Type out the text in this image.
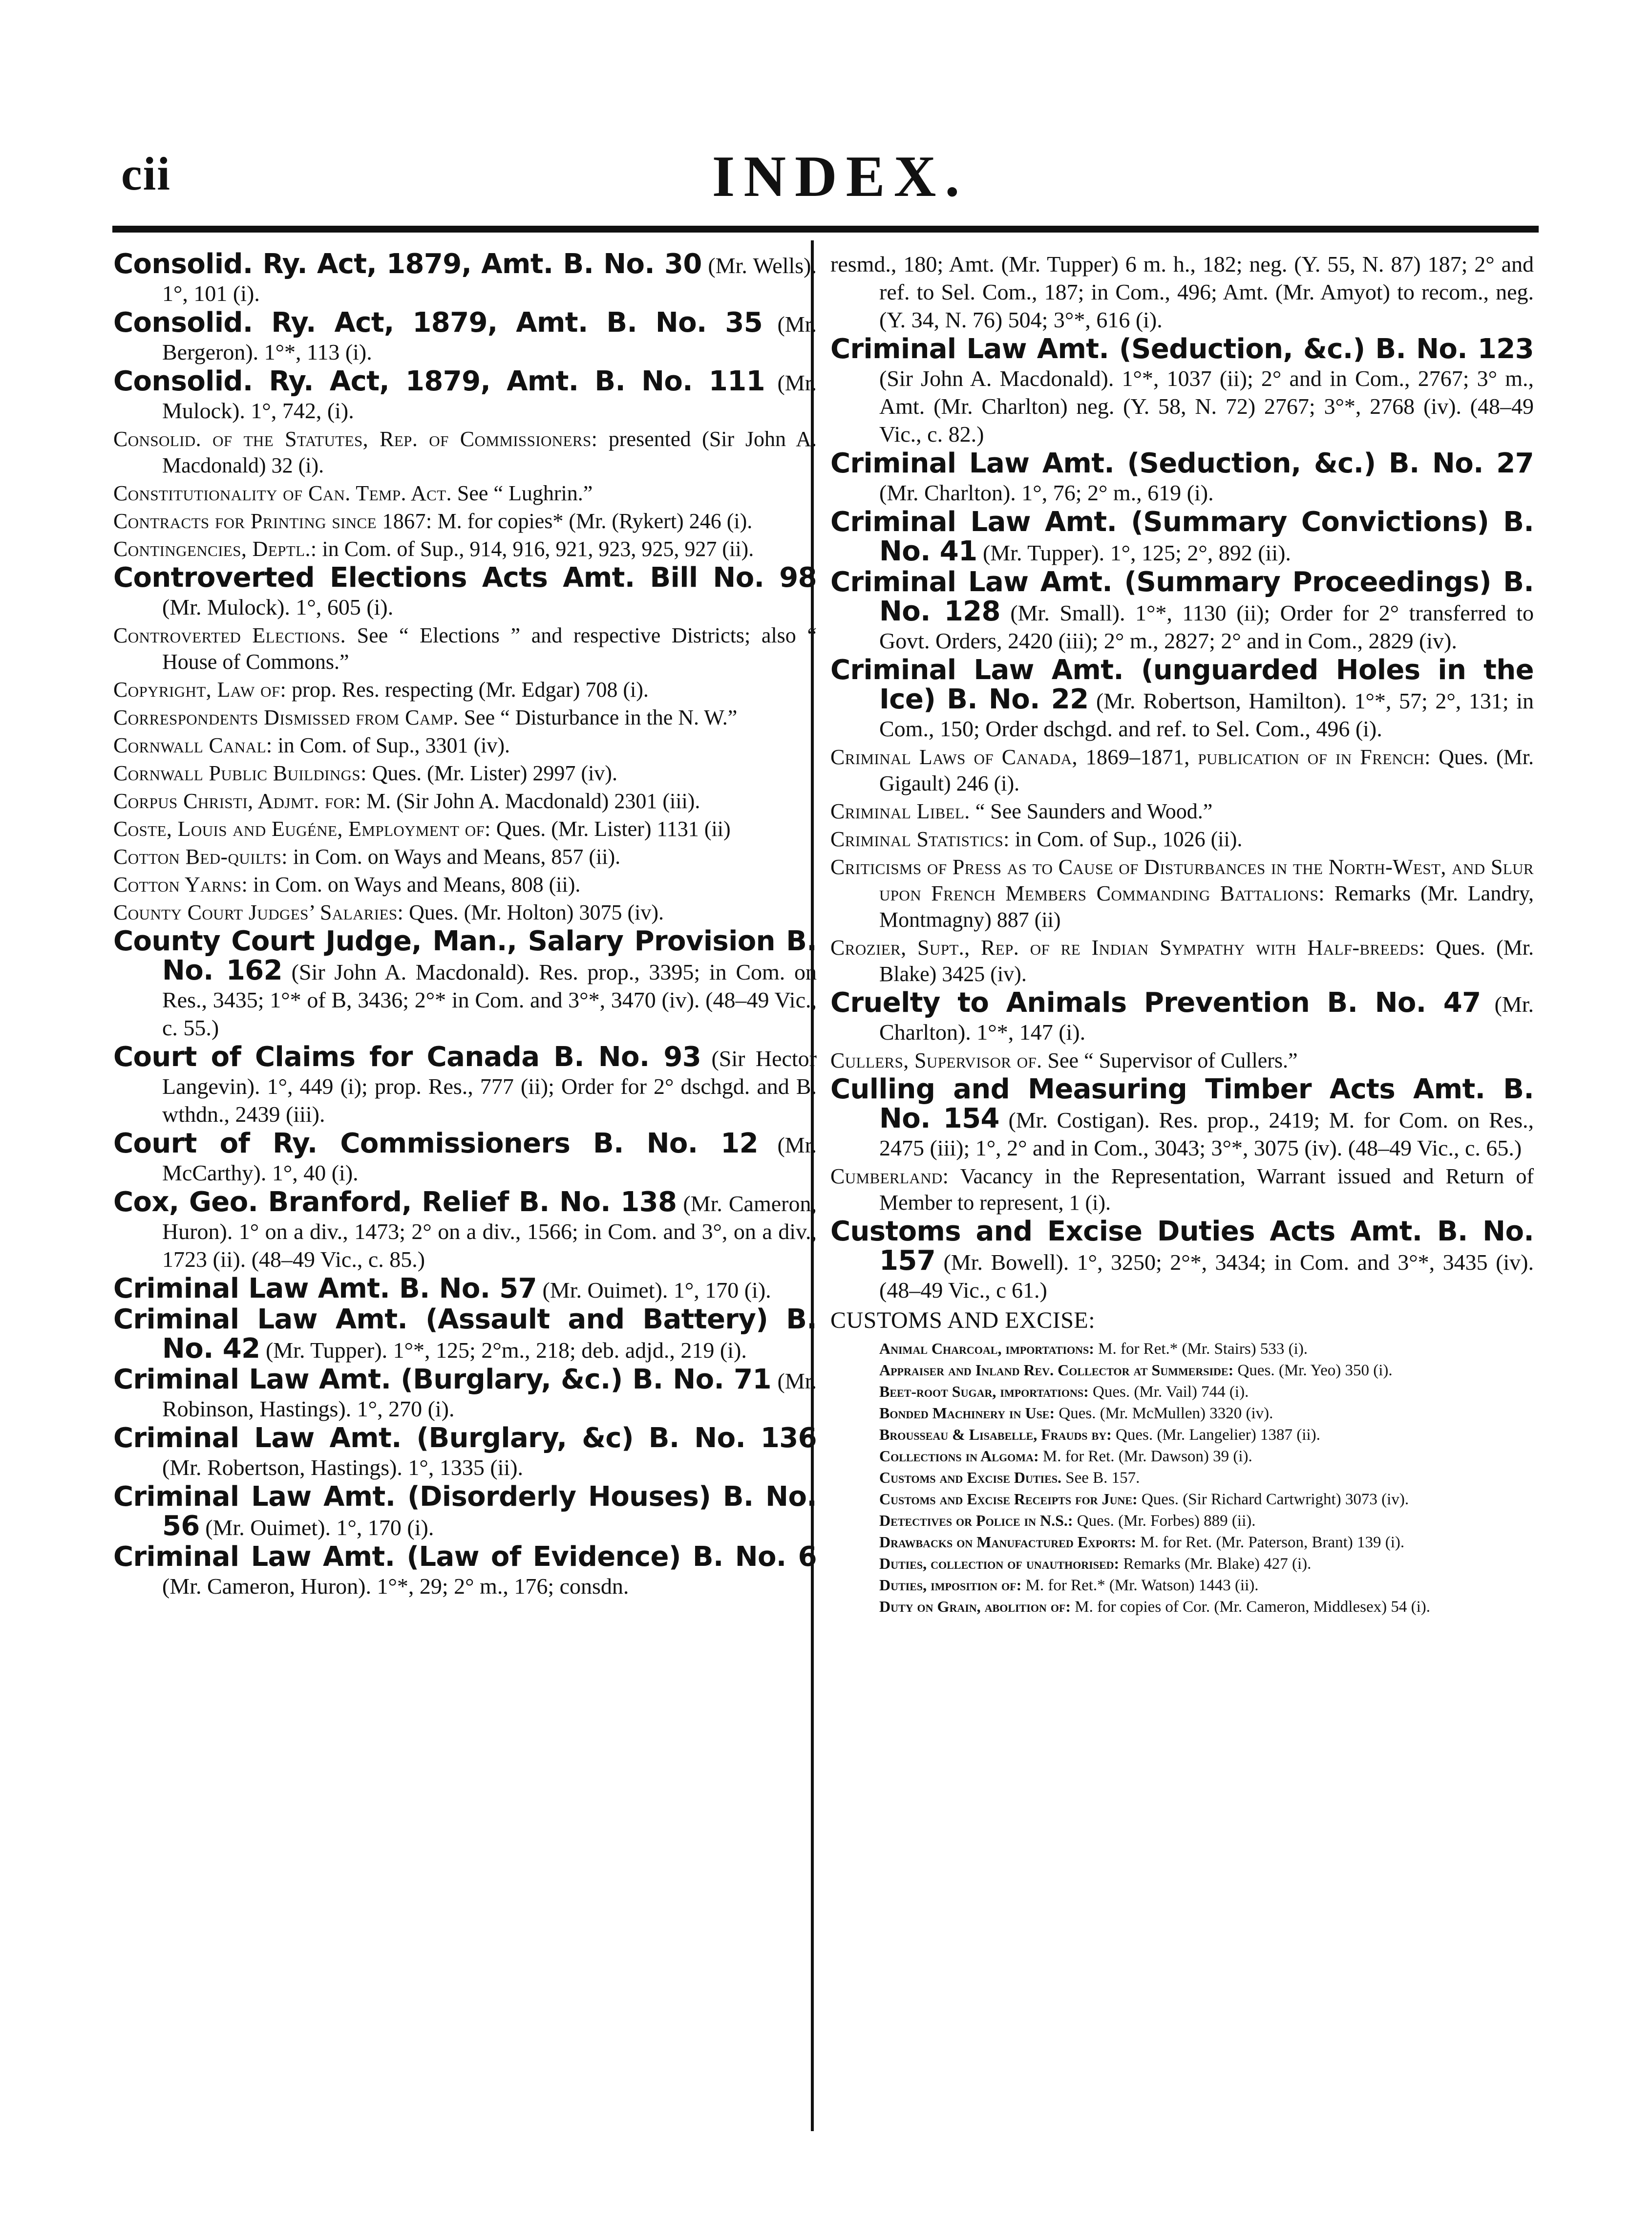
cii	INDEX.
Consolid. Ry. Act, 1879, Amt. B. No. 30 (Mr. Wells). 1°, 101 (i).
Consolid. Ry. Act, 1879, Amt. B. No. 35 (Mr. Bergeron). 1°*, 113 (i).
Consolid. Ry. Act, 1879, Amt. B. No. 111 (Mr. Mulock). 1°, 742, (i).
Consolid. of the Statutes, Rep. of Commissioners: presented (Sir John A. Macdonald) 32 (i).
Constitutionality of Can. Temp. Act. See “ Lughrin.”
Contracts for Printing since 1867: M. for copies* (Mr. (Rykert) 246 (i).
Contingencies, Deptl.: in Com. of Sup., 914, 916, 921, 923, 925, 927 (ii).
Controverted Elections Acts Amt. Bill No. 98 (Mr. Mulock). 1°, 605 (i).
Controverted Elections. See “ Elections ” and respective Districts; also “ House of Commons.”
Copyright, Law of: prop. Res. respecting (Mr. Edgar) 708 (i).
Correspondents Dismissed from Camp. See “ Disturbance in the N. W.”
Cornwall Canal: in Com. of Sup., 3301 (iv).
Cornwall Public Buildings: Ques. (Mr. Lister) 2997 (iv).
Corpus Christi, Adjmt. for: M. (Sir John A. Macdonald) 2301 (iii).
Coste, Louis and Eugéne, Employment of: Ques. (Mr. Lister) 1131 (ii)
Cotton Bed-quilts: in Com. on Ways and Means, 857 (ii).
Cotton Yarns: in Com. on Ways and Means, 808 (ii).
County Court Judges’ Salaries: Ques. (Mr. Holton) 3075 (iv).
County Court Judge, Man., Salary Provision B. No. 162 (Sir John A. Macdonald). Res. prop., 3395; in Com. on Res., 3435; 1°* of B, 3436; 2°* in Com. and 3°*, 3470 (iv). (48–49 Vic., c. 55.)
Court of Claims for Canada B. No. 93 (Sir Hector Langevin). 1°, 449 (i); prop. Res., 777 (ii); Order for 2° dschgd. and B. wthdn., 2439 (iii).
Court of Ry. Commissioners B. No. 12 (Mr. McCarthy). 1°, 40 (i).
Cox, Geo. Branford, Relief B. No. 138 (Mr. Cameron, Huron). 1° on a div., 1473; 2° on a div., 1566; in Com. and 3°, on a div., 1723 (ii). (48–49 Vic., c. 85.)
Criminal Law Amt. B. No. 57 (Mr. Ouimet). 1°, 170 (i).
Criminal Law Amt. (Assault and Battery) B. No. 42 (Mr. Tupper). 1°*, 125; 2°m., 218; deb. adjd., 219 (i).
Criminal Law Amt. (Burglary, &c.) B. No. 71 (Mr. Robinson, Hastings). 1°, 270 (i).
Criminal Law Amt. (Burglary, &c) B. No. 136 (Mr. Robertson, Hastings). 1°, 1335 (ii).
Criminal Law Amt. (Disorderly Houses) B. No. 56 (Mr. Ouimet). 1°, 170 (i).
Criminal Law Amt. (Law of Evidence) B. No. 6 (Mr. Cameron, Huron). 1°*, 29; 2° m., 176; consdn.
resmd., 180; Amt. (Mr. Tupper) 6 m. h., 182; neg. (Y. 55, N. 87) 187; 2° and ref. to Sel. Com., 187; in Com., 496; Amt. (Mr. Amyot) to recom., neg. (Y. 34, N. 76) 504; 3°*, 616 (i).
Criminal Law Amt. (Seduction, &c.) B. No. 123 (Sir John A. Macdonald). 1°*, 1037 (ii); 2° and in Com., 2767; 3° m., Amt. (Mr. Charlton) neg. (Y. 58, N. 72) 2767; 3°*, 2768 (iv). (48–49 Vic., c. 82.)
Criminal Law Amt. (Seduction, &c.) B. No. 27 (Mr. Charlton). 1°, 76; 2° m., 619 (i).
Criminal Law Amt. (Summary Convictions) B. No. 41 (Mr. Tupper). 1°, 125; 2°, 892 (ii).
Criminal Law Amt. (Summary Proceedings) B. No. 128 (Mr. Small). 1°*, 1130 (ii); Order for 2° transferred to Govt. Orders, 2420 (iii); 2° m., 2827; 2° and in Com., 2829 (iv).
Criminal Law Amt. (unguarded Holes in the Ice) B. No. 22 (Mr. Robertson, Hamilton). 1°*, 57; 2°, 131; in Com., 150; Order dschgd. and ref. to Sel. Com., 496 (i).
Criminal Laws of Canada, 1869–1871, publication of in French: Ques. (Mr. Gigault) 246 (i).
Criminal Libel. “ See Saunders and Wood.”
Criminal Statistics: in Com. of Sup., 1026 (ii).
Criticisms of Press as to Cause of Disturbances in the North-West, and Slur upon French Members Commanding Battalions: Remarks (Mr. Landry, Montmagny) 887 (ii)
Crozier, Supt., Rep. of re Indian Sympathy with Half-breeds: Ques. (Mr. Blake) 3425 (iv).
Cruelty to Animals Prevention B. No. 47 (Mr. Charlton). 1°*, 147 (i).
Cullers, Supervisor of. See “ Supervisor of Cullers.”
Culling and Measuring Timber Acts Amt. B. No. 154 (Mr. Costigan). Res. prop., 2419; M. for Com. on Res., 2475 (iii); 1°, 2° and in Com., 3043; 3°*, 3075 (iv). (48–49 Vic., c. 65.)
Cumberland: Vacancy in the Representation, Warrant issued and Return of Member to represent, 1 (i).
Customs and Excise Duties Acts Amt. B. No. 157 (Mr. Bowell). 1°, 3250; 2°*, 3434; in Com. and 3°*, 3435 (iv). (48–49 Vic., c 61.)
CUSTOMS AND EXCISE:
Animal Charcoal, importations: M. for Ret.* (Mr. Stairs) 533 (i).
Appraiser and Inland Rev. Collector at Summerside: Ques. (Mr. Yeo) 350 (i).
Beet-root Sugar, importations: Ques. (Mr. Vail) 744 (i).
Bonded Machinery in Use: Ques. (Mr. McMullen) 3320 (iv).
Brousseau & Lisabelle, Frauds by: Ques. (Mr. Langelier) 1387 (ii).
Collections in Algoma: M. for Ret. (Mr. Dawson) 39 (i).
Customs and Excise Duties. See B. 157.
Customs and Excise Receipts for June: Ques. (Sir Richard Cartwright) 3073 (iv).
Detectives or Police in N.S.: Ques. (Mr. Forbes) 889 (ii).
Drawbacks on Manufactured Exports: M. for Ret. (Mr. Paterson, Brant) 139 (i).
Duties, collection of unauthorised: Remarks (Mr. Blake) 427 (i).
Duties, imposition of: M. for Ret.* (Mr. Watson) 1443 (ii).
Duty on Grain, abolition of: M. for copies of Cor. (Mr. Cameron, Middlesex) 54 (i).
